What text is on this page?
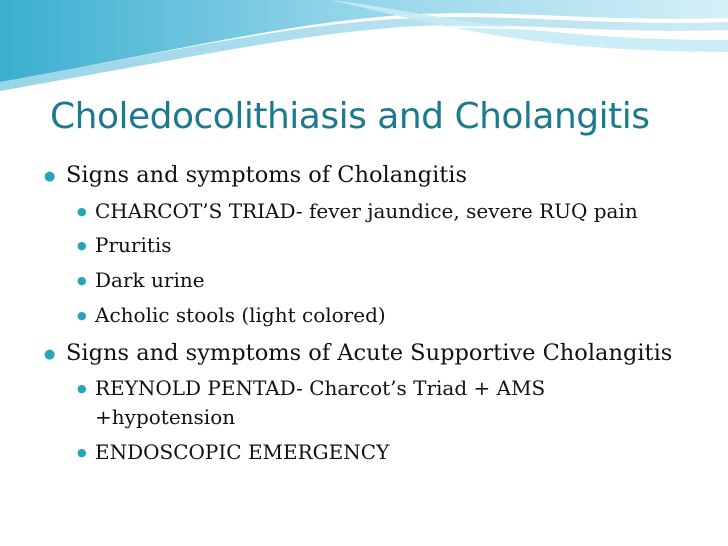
Choledocolithiasis and Cholangitis
● Signs and symptoms of Cholangitis
● CHARCOT’S TRIAD- fever jaundice, severe RUQ pain
● Pruritis
● Dark urine
● Acholic stools (light colored)
● Signs and symptoms of Acute Supportive Cholangitis
● REYNOLD PENTAD- Charcot’s Triad + AMS
+hypotension
● ENDOSCOPIC EMERGENCY
